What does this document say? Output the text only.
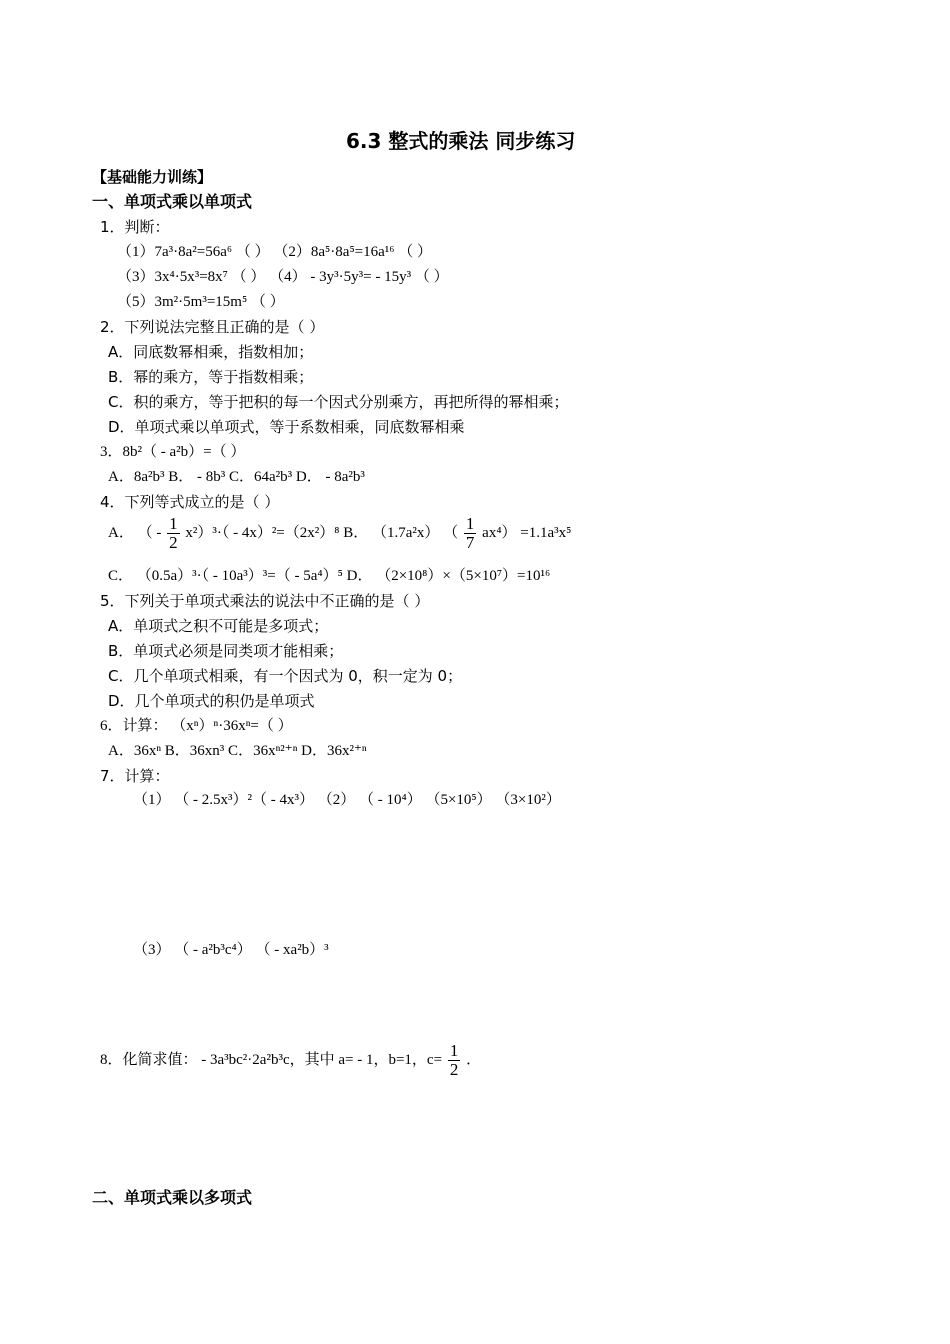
6.3 整式的乘法 同步练习
【基础能力训练】
一、单项式乘以单项式
1．判断：
（1）7a³·8a²=56a⁶ （ ） （2）8a⁵·8a⁵=16a¹⁶ （ ）
（3）3x⁴·5x³=8x⁷ （ ） （4） - 3y³·5y³= - 15y³ （ ）
（5）3m²·5m³=15m⁵ （ ）
2．下列说法完整且正确的是（ ）
A．同底数幂相乘，指数相加；
B．幂的乘方，等于指数相乘；
C．积的乘方，等于把积的每一个因式分别乘方，再把所得的幂相乘；
D．单项式乘以单项式，等于系数相乘，同底数幂相乘
3．8b²（ - a²b）=（ ）
A．8a²b³ B． - 8b³ C．64a²b³ D． - 8a²b³
4．下列等式成立的是（ ）
A． （ - $\frac{1}{2} x^2)^3\cdot( - 4x)^2=(2x^2)^8$ B． （1.7a²x） （ $\frac{1}{7} ax^4) =1.1a^3x^5$
C． （0.5a）³·（ - 10a³）³=（ - 5a⁴）⁵ D． （2×10⁸）×（5×10⁷）=10¹⁶
5．下列关于单项式乘法的说法中不正确的是（ ）
A．单项式之积不可能是多项式；
B．单项式必须是同类项才能相乘；
C．几个单项式相乘，有一个因式为 0，积一定为 0；
D．几个单项式的积仍是单项式
6．计算： （xⁿ）ⁿ·36xⁿ=（ ）
A．36xⁿ B．36xn³ C．36xⁿ²⁺ⁿ D．36x²⁺ⁿ
7．计算：
（1） （ - 2.5x³）²（ - 4x³） （2） （ - 10⁴） （5×10⁵） （3×10²）
（3） （ - a²b³c⁴） （ - xa²b）³
8．化简求值： - 3a³bc²·2a²b³c，其中 a= - 1，b=1，$c= \frac{1}{2}$ ．
二、单项式乘以多项式
